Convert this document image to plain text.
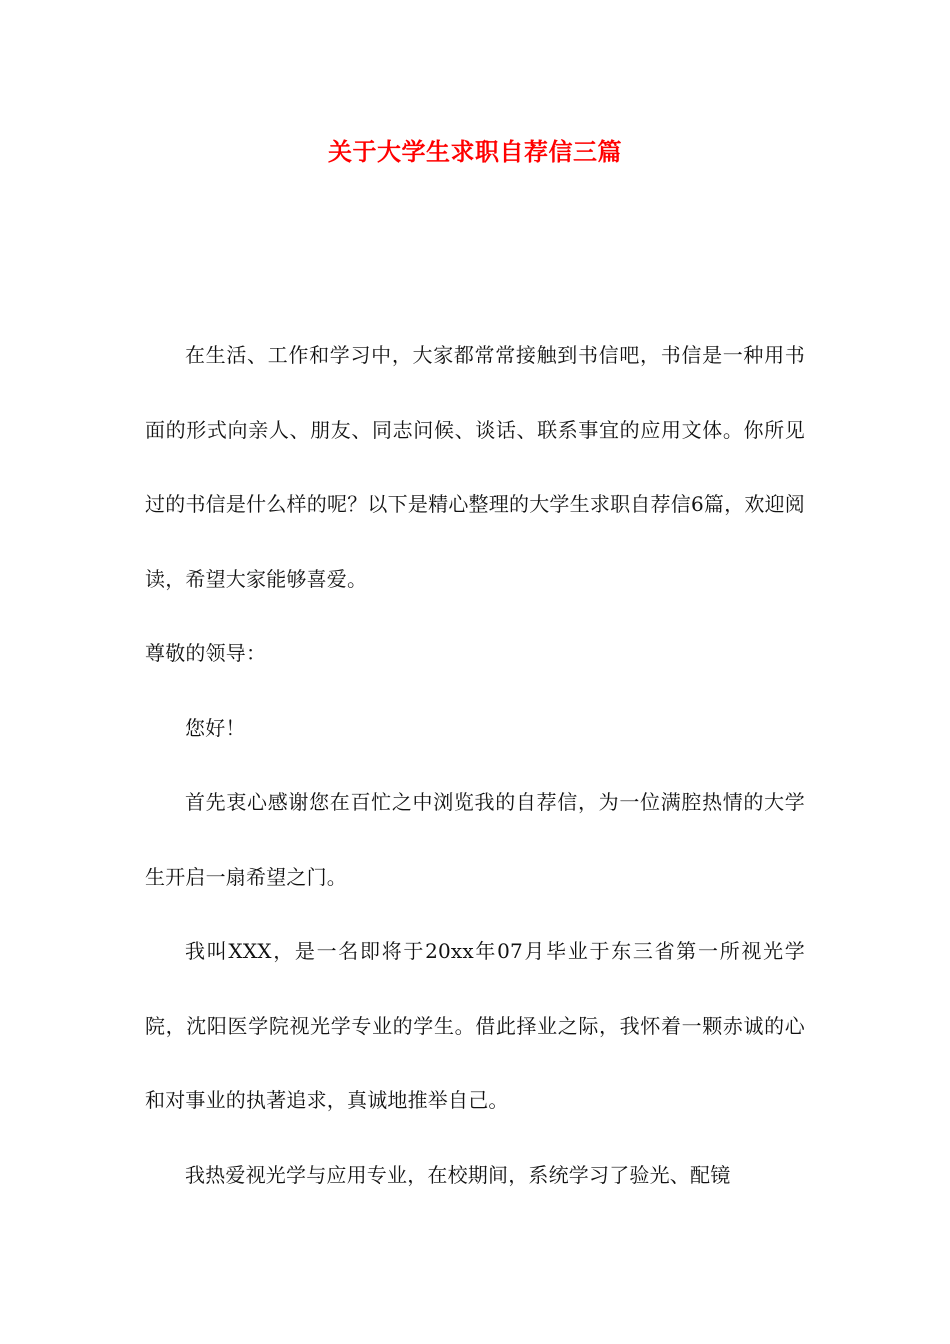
关于大学生求职自荐信三篇

在生活、工作和学习中，大家都常常接触到书信吧，书信是一种用书面的形式向亲人、朋友、同志问候、谈话、联系事宜的应用文体。你所见过的书信是什么样的呢？以下是精心整理的大学生求职自荐信6篇，欢迎阅读，希望大家能够喜爱。

尊敬的领导：

您好！

首先衷心感谢您在百忙之中浏览我的自荐信，为一位满腔热情的大学生开启一扇希望之门。

我叫XXX，是一名即将于20xx年07月毕业于东三省第一所视光学院，沈阳医学院视光学专业的学生。借此择业之际，我怀着一颗赤诚的心和对事业的执著追求，真诚地推举自己。

我热爱视光学与应用专业，在校期间，系统学习了验光、配镜
